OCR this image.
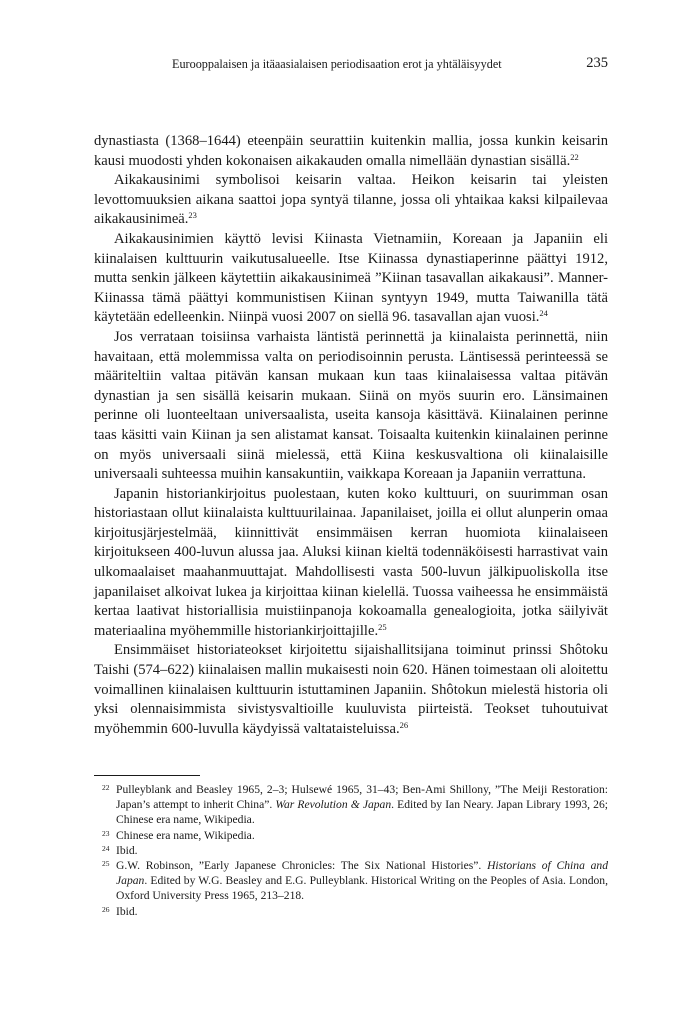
Eurooppalaisen ja itäaasialaisen periodisaation erot ja yhtäläisyydet	235

dynastiasta (1368–1644) eteenpäin seurattiin kuitenkin mallia, jossa kunkin keisarin kausi muodosti yhden kokonaisen aikakauden omalla nimellään dynastian sisällä.$^{22}$

Aikakausinimi symbolisoi keisarin valtaa. Heikon keisarin tai yleisten levottomuuksien aikana saattoi jopa syntyä tilanne, jossa oli yhtaikaa kaksi kilpailevaa aikakausinimeä.$^{23}$

Aikakausinimien käyttö levisi Kiinasta Vietnamiin, Koreaan ja Japaniin eli kiinalaisen kulttuurin vaikutusalueelle. Itse Kiinassa dynastiaperinne päättyi 1912, mutta senkin jälkeen käytettiin aikakausinimeä ”Kiinan tasavallan aikakausi”. Manner-Kiinassa tämä päättyi kommunistisen Kiinan syntyyn 1949, mutta Taiwanilla tätä käytetään edelleenkin. Niinpä vuosi 2007 on siellä 96. tasavallan ajan vuosi.$^{24}$

Jos verrataan toisiinsa varhaista läntistä perinnettä ja kiinalaista perinnettä, niin havaitaan, että molemmissa valta on periodisoinnin perusta. Läntisessä perinteessä se määriteltiin valtaa pitävän kansan mukaan kun taas kiinalaisessa valtaa pitävän dynastian ja sen sisällä keisarin mukaan. Siinä on myös suurin ero. Länsimainen perinne oli luonteeltaan universaalista, useita kansoja käsittävä. Kiinalainen perinne taas käsitti vain Kiinan ja sen alistamat kansat. Toisaalta kuitenkin kiinalainen perinne on myös universaali siinä mielessä, että Kiina keskusvaltiona oli kiinalaisille universaali suhteessa muihin kansakuntiin, vaikkapa Koreaan ja Japaniin verrattuna.

Japanin historiankirjoitus puolestaan, kuten koko kulttuuri, on suurimman osan historiastaan ollut kiinalaista kulttuurilainaa. Japanilaiset, joilla ei ollut alunperin omaa kirjoitusjärjestelmää, kiinnittivät ensimmäisen kerran huomiota kiinalaiseen kirjoitukseen 400-luvun alussa jaa. Aluksi kiinan kieltä todennäköisesti harrastivat vain ulkomaalaiset maahanmuuttajat. Mahdollisesti vasta 500-luvun jälkipuoliskolla itse japanilaiset alkoivat lukea ja kirjoittaa kiinan kielellä. Tuossa vaiheessa he ensimmäistä kertaa laativat historiallisia muistiinpanoja kokoamalla genealogioita, jotka säilyivät materiaalina myöhemmille historiankirjoittajille.$^{25}$

Ensimmäiset historiateokset kirjoitettu sijaishallitsijana toiminut prinssi Shôtoku Taishi (574–622) kiinalaisen mallin mukaisesti noin 620. Hänen toimestaan oli aloitettu voimallinen kiinalaisen kulttuurin istuttaminen Japaniin. Shôtokun mielestä historia oli yksi olennaisimmista sivistysvaltioille kuuluvista piirteistä. Teokset tuhoutuivat myöhemmin 600-luvulla käydyissä valtataisteluissa.$^{26}$

22 Pulleyblank and Beasley 1965, 2–3; Hulsewé 1965, 31–43; Ben-Ami Shillony, ”The Meiji Restoration: Japan’s attempt to inherit China”. War Revolution & Japan. Edited by Ian Neary. Japan Library 1993, 26; Chinese era name, Wikipedia.
23 Chinese era name, Wikipedia.
24 Ibid.
25 G.W. Robinson, ”Early Japanese Chronicles: The Six National Histories”. Historians of China and Japan. Edited by W.G. Beasley and E.G. Pulleyblank. Historical Writing on the Peoples of Asia. London, Oxford University Press 1965, 213–218.
26 Ibid.
